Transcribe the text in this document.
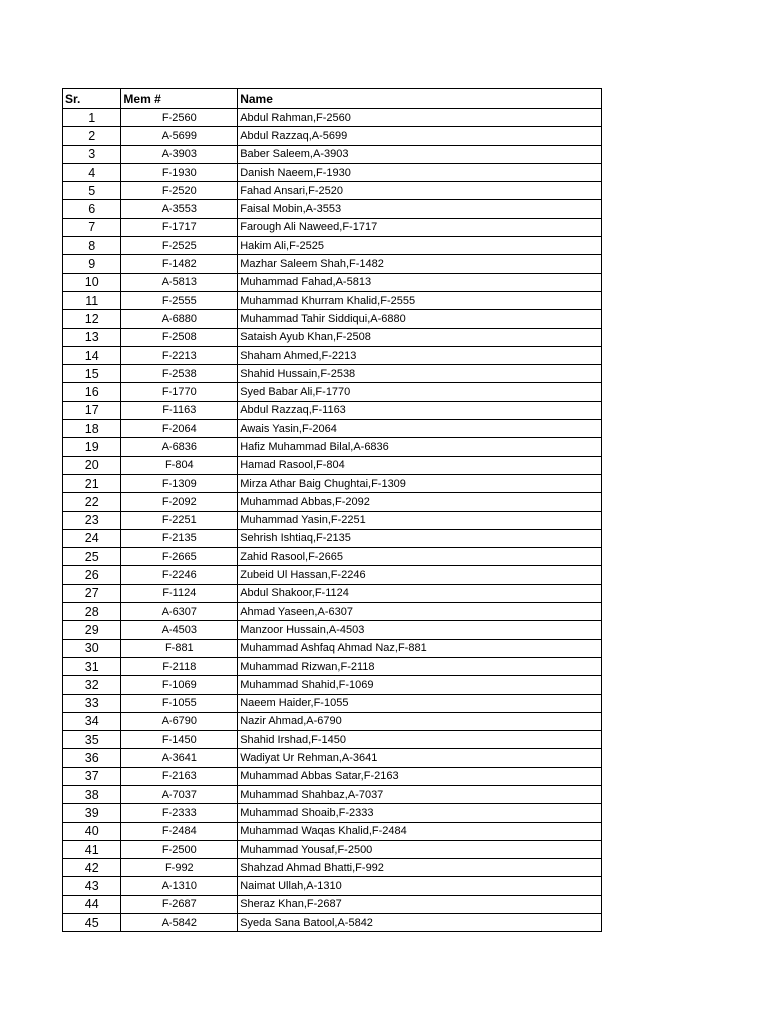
Sr.	Mem #	Name
1	F-2560	Abdul Rahman,F-2560
2	A-5699	Abdul Razzaq,A-5699
3	A-3903	Baber Saleem,A-3903
4	F-1930	Danish Naeem,F-1930
5	F-2520	Fahad Ansari,F-2520
6	A-3553	Faisal Mobin,A-3553
7	F-1717	Farough Ali Naweed,F-1717
8	F-2525	Hakim Ali,F-2525
9	F-1482	Mazhar Saleem Shah,F-1482
10	A-5813	Muhammad Fahad,A-5813
11	F-2555	Muhammad Khurram Khalid,F-2555
12	A-6880	Muhammad Tahir Siddiqui,A-6880
13	F-2508	Sataish Ayub Khan,F-2508
14	F-2213	Shaham Ahmed,F-2213
15	F-2538	Shahid Hussain,F-2538
16	F-1770	Syed Babar Ali,F-1770
17	F-1163	Abdul Razzaq,F-1163
18	F-2064	Awais Yasin,F-2064
19	A-6836	Hafiz Muhammad Bilal,A-6836
20	F-804	Hamad Rasool,F-804
21	F-1309	Mirza Athar Baig Chughtai,F-1309
22	F-2092	Muhammad Abbas,F-2092
23	F-2251	Muhammad Yasin,F-2251
24	F-2135	Sehrish Ishtiaq,F-2135
25	F-2665	Zahid Rasool,F-2665
26	F-2246	Zubeid Ul Hassan,F-2246
27	F-1124	Abdul Shakoor,F-1124
28	A-6307	Ahmad Yaseen,A-6307
29	A-4503	Manzoor Hussain,A-4503
30	F-881	Muhammad Ashfaq Ahmad Naz,F-881
31	F-2118	Muhammad Rizwan,F-2118
32	F-1069	Muhammad Shahid,F-1069
33	F-1055	Naeem Haider,F-1055
34	A-6790	Nazir Ahmad,A-6790
35	F-1450	Shahid Irshad,F-1450
36	A-3641	Wadiyat Ur Rehman,A-3641
37	F-2163	Muhammad Abbas Satar,F-2163
38	A-7037	Muhammad Shahbaz,A-7037
39	F-2333	Muhammad Shoaib,F-2333
40	F-2484	Muhammad Waqas Khalid,F-2484
41	F-2500	Muhammad Yousaf,F-2500
42	F-992	Shahzad Ahmad Bhatti,F-992
43	A-1310	Naimat Ullah,A-1310
44	F-2687	Sheraz Khan,F-2687
45	A-5842	Syeda Sana Batool,A-5842
